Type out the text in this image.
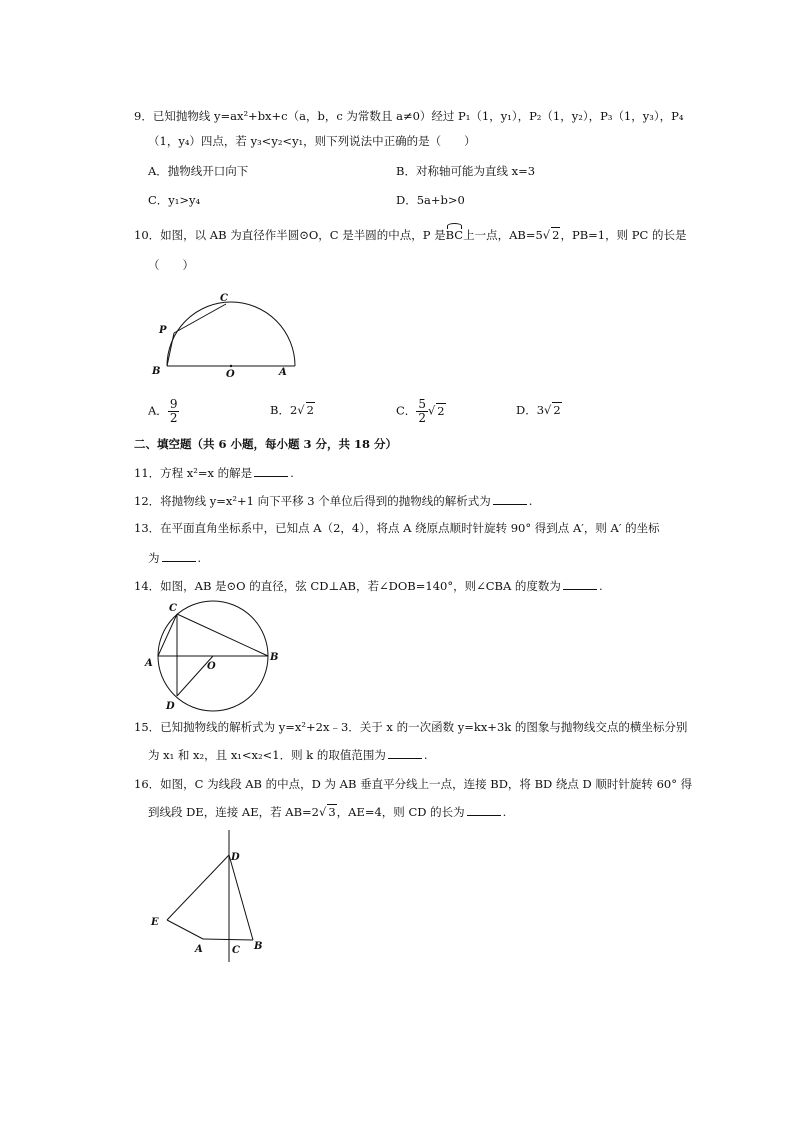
9．已知抛物线 y=ax²+bx+c（a，b，c 为常数且 a≠0）经过 P₁（1，y₁），P₂（1，y₂），P₃（1，y₃），P₄
（1，y₄）四点，若 y₃<y₂<y₁，则下列说法中正确的是（　　）
A．抛物线开口向下	B．对称轴可能为直线 x=3
C．y₁>y₄	D．5a+b>0
10．如图，以 AB 为直径作半圆⊙O，C 是半圆的中点，P 是BC上一点，AB=5√ 2，PB=1，则 PC 的长是
（　　）
C
P
B	O	A
A． $\frac{9}{2}$	B．2√ 2	C． $\frac{5}{2}$ √ 2	D．3√ 2
二、填空题（共 6 小题，每小题 3 分，共 18 分）
11．方程 x²=x 的解是	.
12．将抛物线 y=x²+1 向下平移 3 个单位后得到的抛物线的解析式为	.
13．在平面直角坐标系中，已知点 A（2，4），将点 A 绕原点顺时针旋转 90° 得到点 A′，则 A′ 的坐标
为	.
14．如图，AB 是⊙O 的直径，弦 CD⊥AB，若∠DOB=140°，则∠CBA 的度数为	.
C
A	O
B
D
15．已知抛物线的解析式为 y=x²+2x﹣3．关于 x 的一次函数 y=kx+3k 的图象与抛物线交点的横坐标分别
为 x₁ 和 x₂，且 x₁<x₂<1．则 k 的取值范围为	.
16．如图，C 为线段 AB 的中点，D 为 AB 垂直平分线上一点，连接 BD，将 BD 绕点 D 顺时针旋转 60° 得
到线段 DE，连接 AE，若 AB=2√ 3，AE=4，则 CD 的长为	.
D
E
A	C B
